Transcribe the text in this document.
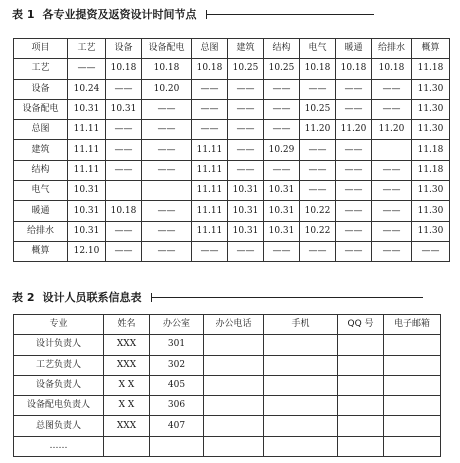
表 1 各专业提资及返资设计时间节点
项目	工艺	设备	设备配电	总图	建筑	结构	电气	暖通	给排水	概算
工艺	——	10.18	10.18	10.18	10.25	10.25	10.18	10.18	10.18	11.18
设备	10.24	——	10.20	——	——	——	——	——	——	11.30
设备配电	10.31	10.31	——	——	——	——	10.25	——	——	11.30
总图	11.11	——	——	——	——	——	11.20	11.20	11.20	11.30
建筑	11.11	——	——	11.11	——	10.29	——	——		11.18
结构	11.11	——	——	11.11	——	——	——	——	——	11.18
电气	10.31			11.11	10.31	10.31	——	——	——	11.30
暖通	10.31	10.18	——	11.11	10.31	10.31	10.22	——	——	11.30
给排水	10.31	——	——	11.11	10.31	10.31	10.22	——	——	11.30
概算	12.10	——	——	——	——	——	——	——	——	——
表 2 设计人员联系信息表
专业	姓名	办公室	办公电话	手机	QQ 号	电子邮箱
设计负责人	XXX	301				
工艺负责人	XXX	302				
设备负责人	X X	405				
设备配电负责人	X X	306				
总图负责人	XXX	407				
……						
